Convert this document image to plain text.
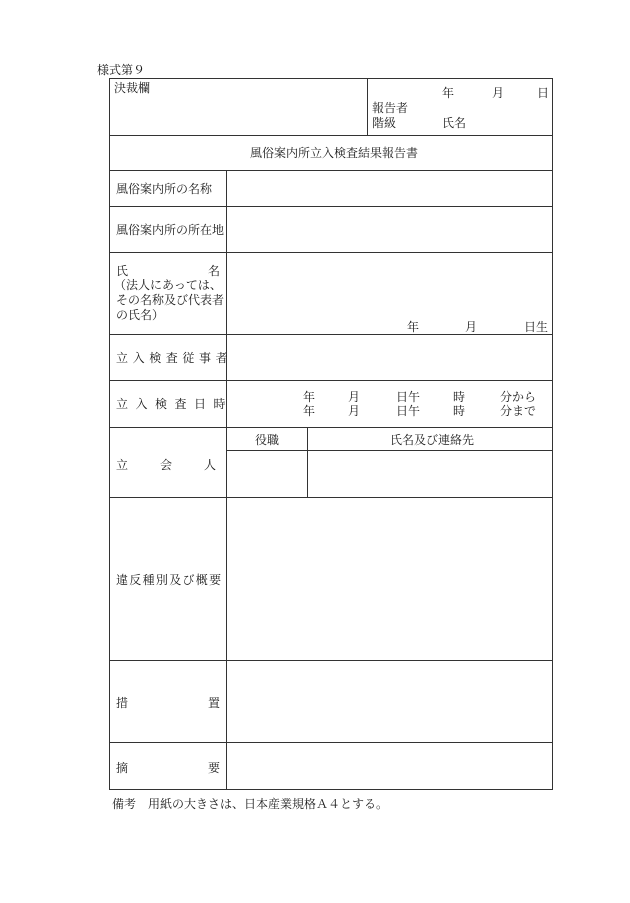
様式第９
決裁欄	年	月	日
報告者
階級	氏名
風俗案内所立入検査結果報告書
風俗案内所の名称
風俗案内所の所在地
氏	名
（法人にあっては、
その名称及び代表者
の氏名）
年	月	日生
立入検査従事者
立入検査日時	年	月	日午	時	分から
年	月	日午	時	分まで
立会人
役職	氏名及び連絡先
違反種別及び概要
措	置
摘	要
備考　用紙の大きさは、日本産業規格Ａ４とする。
